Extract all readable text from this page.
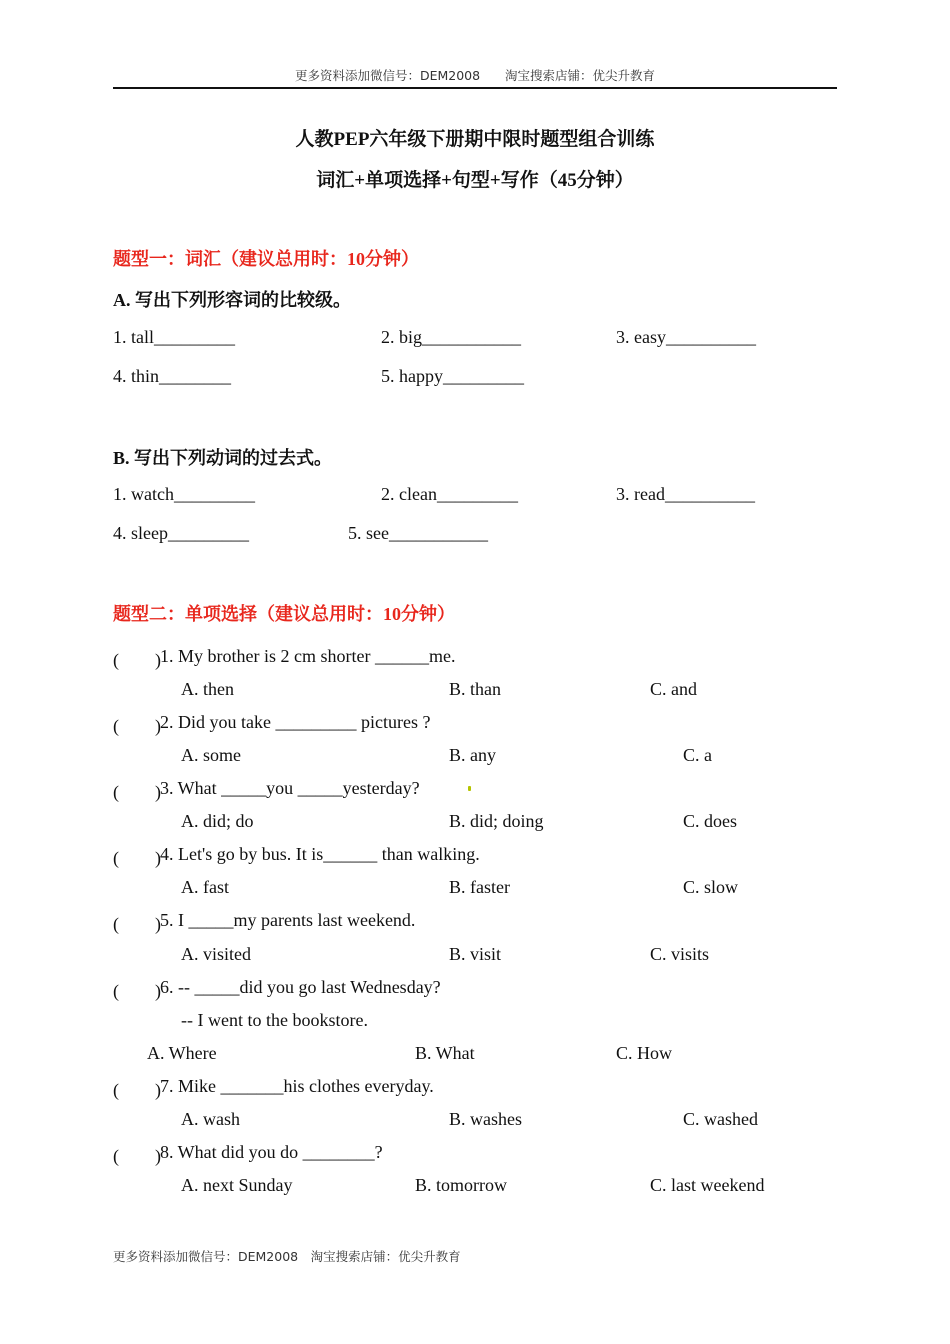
更多资料添加微信号：DEM2008　　淘宝搜索店铺：优尖升教育
人教PEP六年级下册期中限时题型组合训练
词汇+单项选择+句型+写作（45分钟）
题型一：词汇（建议总用时：10分钟）
A. 写出下列形容词的比较级。
1. tall_________	2. big___________	3. easy__________
4. thin________	5. happy_________
B. 写出下列动词的过去式。
1. watch_________	2. clean_________	3. read__________
4. sleep_________	5. see___________
题型二：单项选择（建议总用时：10分钟）
(　　) 1. My brother is 2 cm shorter ______me.
A. then	B. than	C. and
(　　) 2. Did you take _________ pictures ?
A. some	B. any	C. a
(　　) 3. What _____you _____yesterday?
A. did; do	B. did; doing	C. does
(　　) 4. Let's go by bus. It is______ than walking.
A. fast	B. faster	C. slow
(　　) 5. I _____my parents last weekend.
A. visited	B. visit	C. visits
(　　) 6. -- _____did you go last Wednesday?
-- I went to the bookstore.
A. Where	B. What	C. How
(　　) 7. Mike _______his clothes everyday.
A. wash	B. washes	C. washed
(　　) 8. What did you do ________?
A. next Sunday	B. tomorrow	C. last weekend
更多资料添加微信号：DEM2008　淘宝搜索店铺：优尖升教育
